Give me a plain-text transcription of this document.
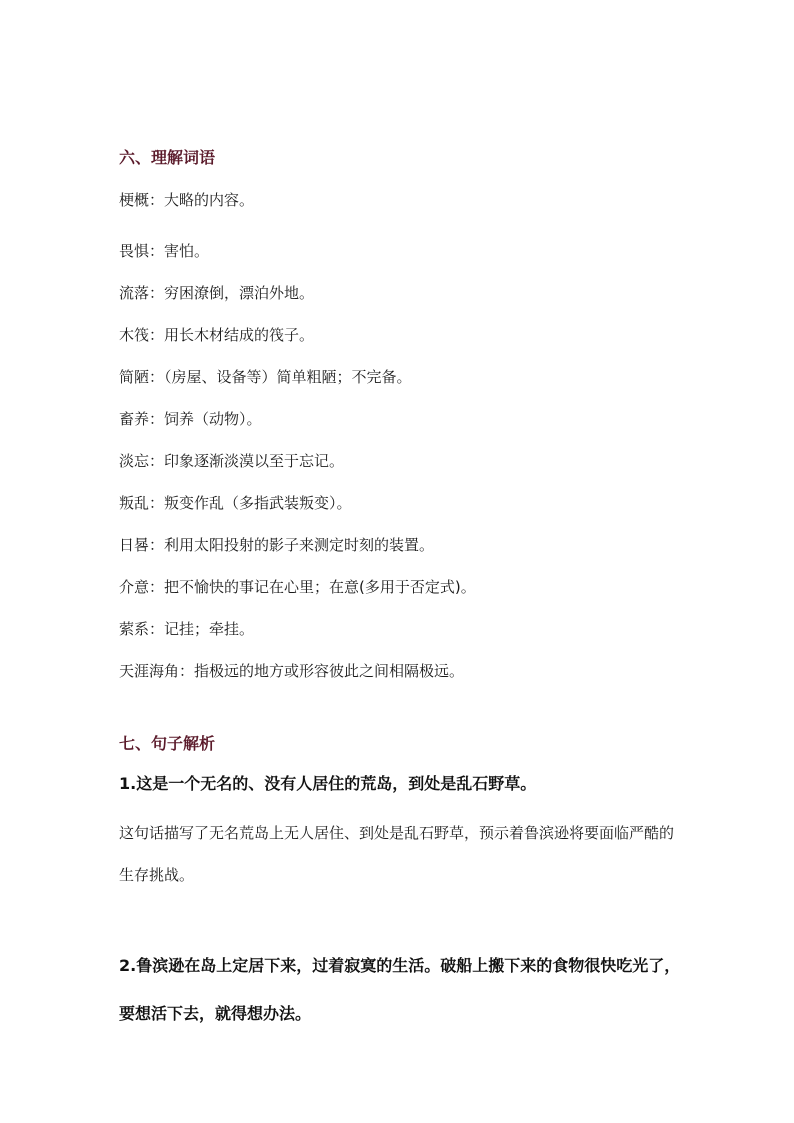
六、理解词语
梗概：大略的内容。
畏惧：害怕。
流落：穷困潦倒，漂泊外地。
木筏：用长木材结成的筏子。
简陋：（房屋、设备等）简单粗陋；不完备。
畜养：饲养（动物）。
淡忘：印象逐渐淡漠以至于忘记。
叛乱：叛变作乱（多指武装叛变）。
日晷：利用太阳投射的影子来测定时刻的装置。
介意：把不愉快的事记在心里；在意(多用于否定式)。
萦系：记挂；牵挂。
天涯海角：指极远的地方或形容彼此之间相隔极远。
七、句子解析

1.这是一个无名的、没有人居住的荒岛，到处是乱石野草。

这句话描写了无名荒岛上无人居住、到处是乱石野草，预示着鲁滨逊将要面临严酷的生存挑战。

2.鲁滨逊在岛上定居下来，过着寂寞的生活。破船上搬下来的食物很快吃光了，要想活下去，就得想办法。
